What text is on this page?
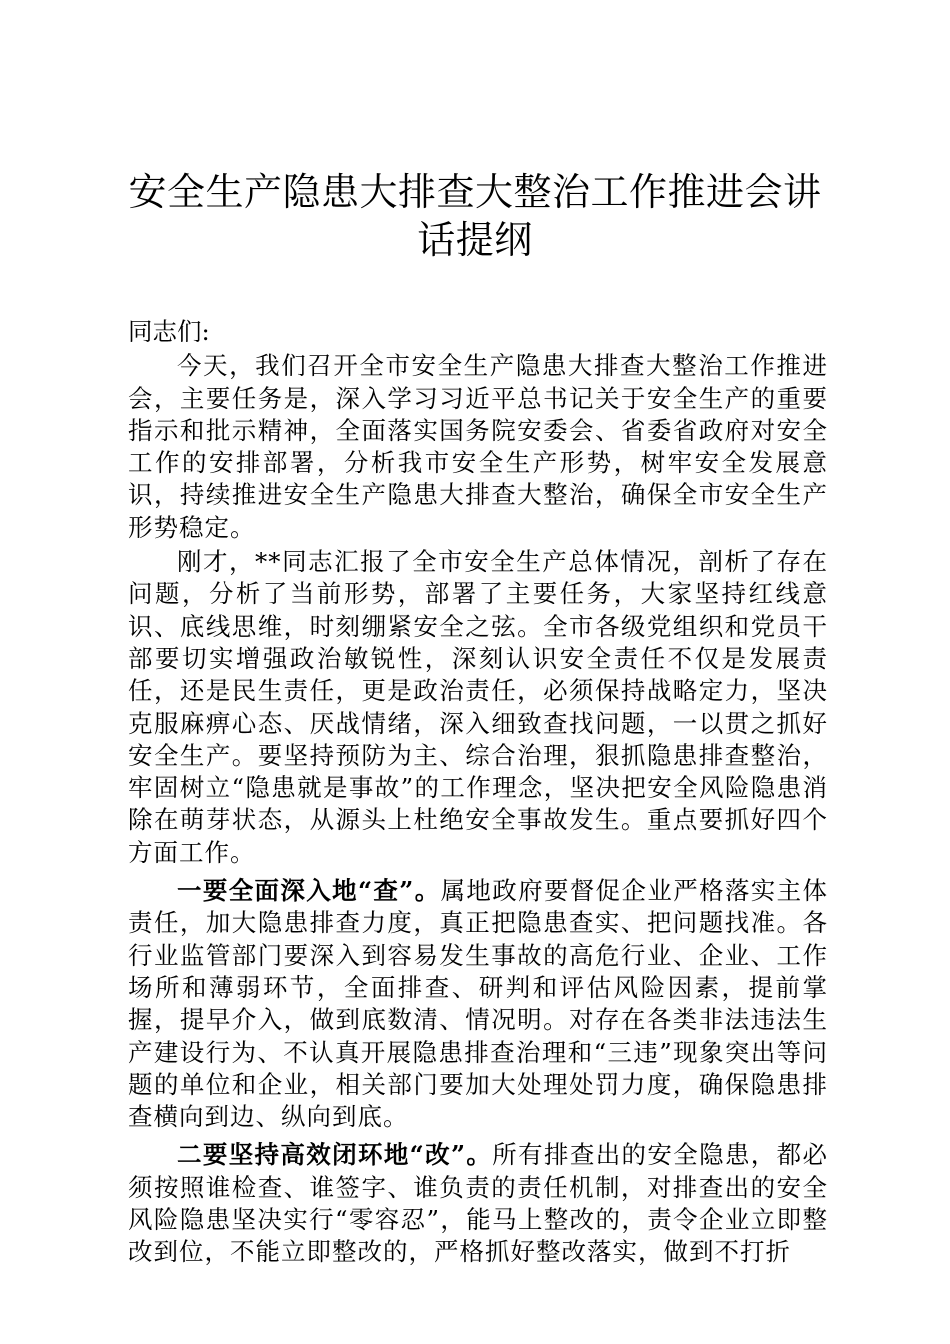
安全生产隐患大排查大整治工作推进会讲话提纲

同志们:

今天，我们召开全市安全生产隐患大排查大整治工作推进会，主要任务是，深入学习习近平总书记关于安全生产的重要指示和批示精神，全面落实国务院安委会、省委省政府对安全工作的安排部署，分析我市安全生产形势，树牢安全发展意识，持续推进安全生产隐患大排查大整治，确保全市安全生产形势稳定。

刚才，**同志汇报了全市安全生产总体情况，剖析了存在问题，分析了当前形势，部署了主要任务，大家坚持红线意识、底线思维，时刻绷紧安全之弦。全市各级党组织和党员干部要切实增强政治敏锐性，深刻认识安全责任不仅是发展责任，还是民生责任，更是政治责任，必须保持战略定力，坚决克服麻痹心态、厌战情绪，深入细致查找问题，一以贯之抓好安全生产。要坚持预防为主、综合治理，狠抓隐患排查整治，牢固树立“隐患就是事故”的工作理念，坚决把安全风险隐患消除在萌芽状态，从源头上杜绝安全事故发生。重点要抓好四个方面工作。

一要全面深入地“查”。属地政府要督促企业严格落实主体责任，加大隐患排查力度，真正把隐患查实、把问题找准。各行业监管部门要深入到容易发生事故的高危行业、企业、工作场所和薄弱环节，全面排查、研判和评估风险因素，提前掌握，提早介入，做到底数清、情况明。对存在各类非法违法生产建设行为、不认真开展隐患排查治理和“三违”现象突出等问题的单位和企业，相关部门要加大处理处罚力度，确保隐患排查横向到边、纵向到底。

二要坚持高效闭环地“改”。所有排查出的安全隐患，都必须按照谁检查、谁签字、谁负责的责任机制，对排查出的安全风险隐患坚决实行“零容忍”，能马上整改的，责令企业立即整改到位，不能立即整改的，严格抓好整改落实，做到不打折
